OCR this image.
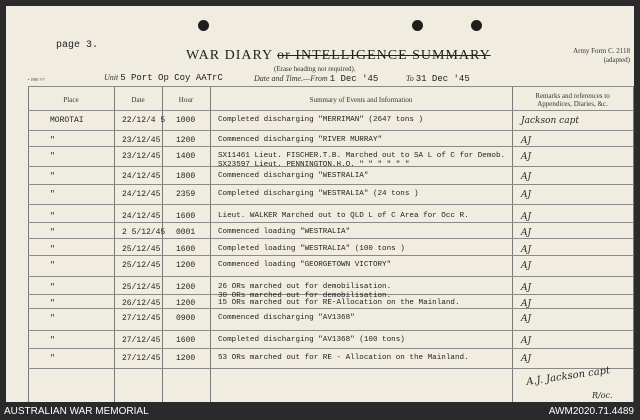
page 3.
WAR DIARY or INTELLIGENCE SUMMARY
(Erase heading not required).
Army Form C. 2118
(adapted)
• 1988 ???	Unit 5 Port Op Coy AATrC	Date and Time.—From 1 Dec '45	To 31 Dec '45
Place	Date	Hour	Summary of Events and Information	Remarks and references to
Appendices, Diaries, &c.
MOROTAI	22/12/4 5 1000	Completed discharging "MERRIMAN" (2647 tons )	Jackson capt
"	23/12/45 1200	Commenced discharging "RIVER MURRAY"	AJ
"	23/12/45 1400	SX11461 Lieut. FISCHER.T.B. Marched out to SA L of C for Demob.
SX23597 Lieut. PENNINGTON.H.O. " " " " " "
AJ
"	24/12/45 1800	Commenced discharging "WESTRALIA"	AJ
"	24/12/45 2359	Completed discharging "WESTRALIA" (24 tons )	AJ
"	24/12/45 1600	Lieut. WALKER Marched out to QLD L of C Area for Occ R.	AJ
"	2 5/12/45 0001	Commenced loading "WESTRALIA"	AJ
"	25/12/45 1600	Completed loading "WESTRALIA" (100 tons )	AJ
"	25/12/45 1200	Commenced loading "GEORGETOWN VICTORY"	AJ
"	25/12/45 1200	26 ORs marched out for demobilisation.
30 ORs marched out for demobilisation.
AJ
"	26/12/45 1200	15 ORs marched out for RE-Allocation on the Mainland.	AJ
"	27/12/45 0900	Commenced discharging "AV1368"	AJ
"	27/12/45 1600	Completed discharging "AV1368" (100 tons)	AJ
"	27/12/45 1200	53 ORs marched out for RE - Allocation on the Mainland.	AJ
A.J. Jackson capt
R/oc.
AUSTRALIAN WAR MEMORIAL	AWM2020.71.4489
